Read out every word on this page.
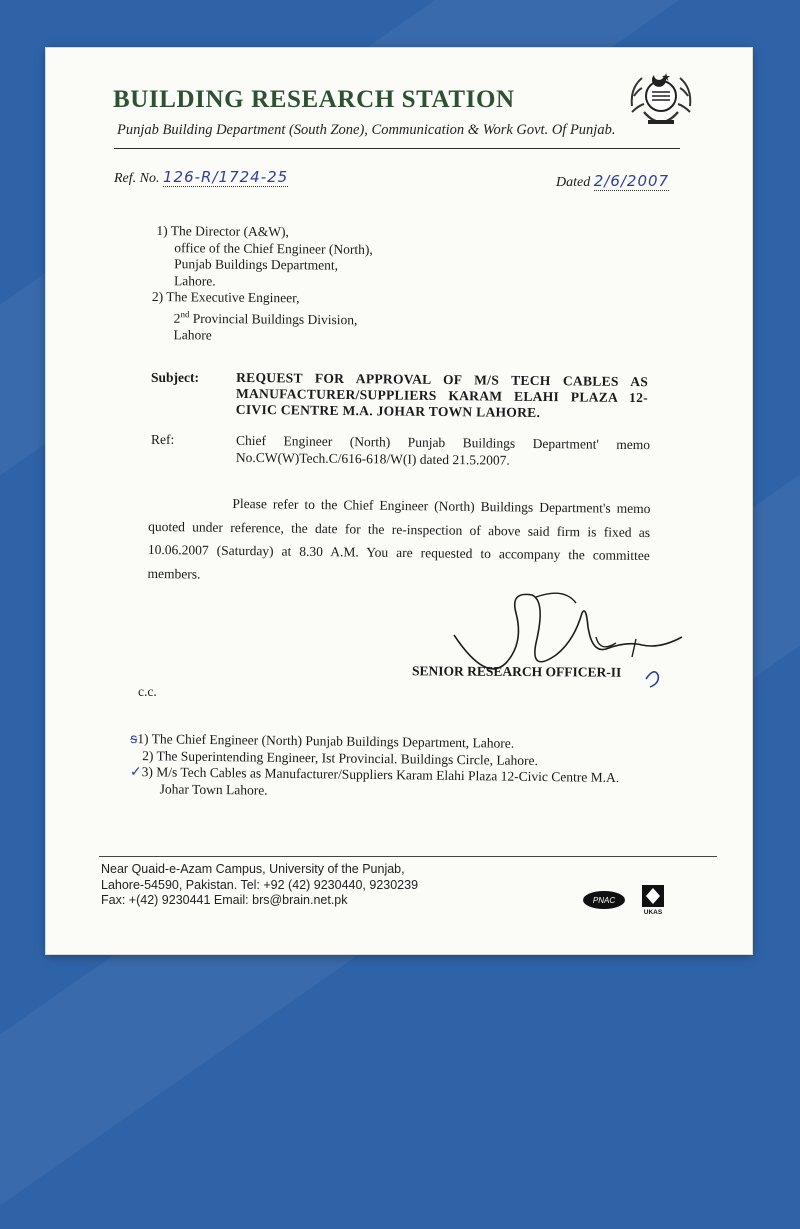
BUILDING RESEARCH STATION
Punjab Building Department (South Zone), Communication & Work Govt. Of Punjab.
Ref. No. 126-R/1724-25	Dated 2/6/2007
1) The Director (A&W),
office of the Chief Engineer (North),
Punjab Buildings Department,
Lahore.
2) The Executive Engineer,
2nd Provincial Buildings Division,
Lahore
Subject:	REQUEST FOR APPROVAL OF M/S TECH CABLES AS MANUFACTURER/SUPPLIERS KARAM ELAHI PLAZA 12-CIVIC CENTRE M.A. JOHAR TOWN LAHORE.
Ref:	Chief Engineer (North) Punjab Buildings Department' memo No.CW(W)Tech.C/616-618/W(I) dated 21.5.2007.
Please refer to the Chief Engineer (North) Buildings Department's memo quoted under reference, the date for the re-inspection of above said firm is fixed as 10.06.2007 (Saturday) at 8.30 A.M. You are requested to accompany the committee members.
SENIOR RESEARCH OFFICER-II
c.c.
ᵴ1) The Chief Engineer (North) Punjab Buildings Department, Lahore.
2) The Superintending Engineer, Ist Provincial. Buildings Circle, Lahore.
✓3) M/s Tech Cables as Manufacturer/Suppliers Karam Elahi Plaza 12-Civic Centre M.A.
Johar Town Lahore.
Near Quaid-e-Azam Campus, University of the Punjab,
Lahore-54590, Pakistan. Tel: +92 (42) 9230440, 9230239
Fax: +(42) 9230441 Email: brs@brain.net.pk	PNAC
UKAS
